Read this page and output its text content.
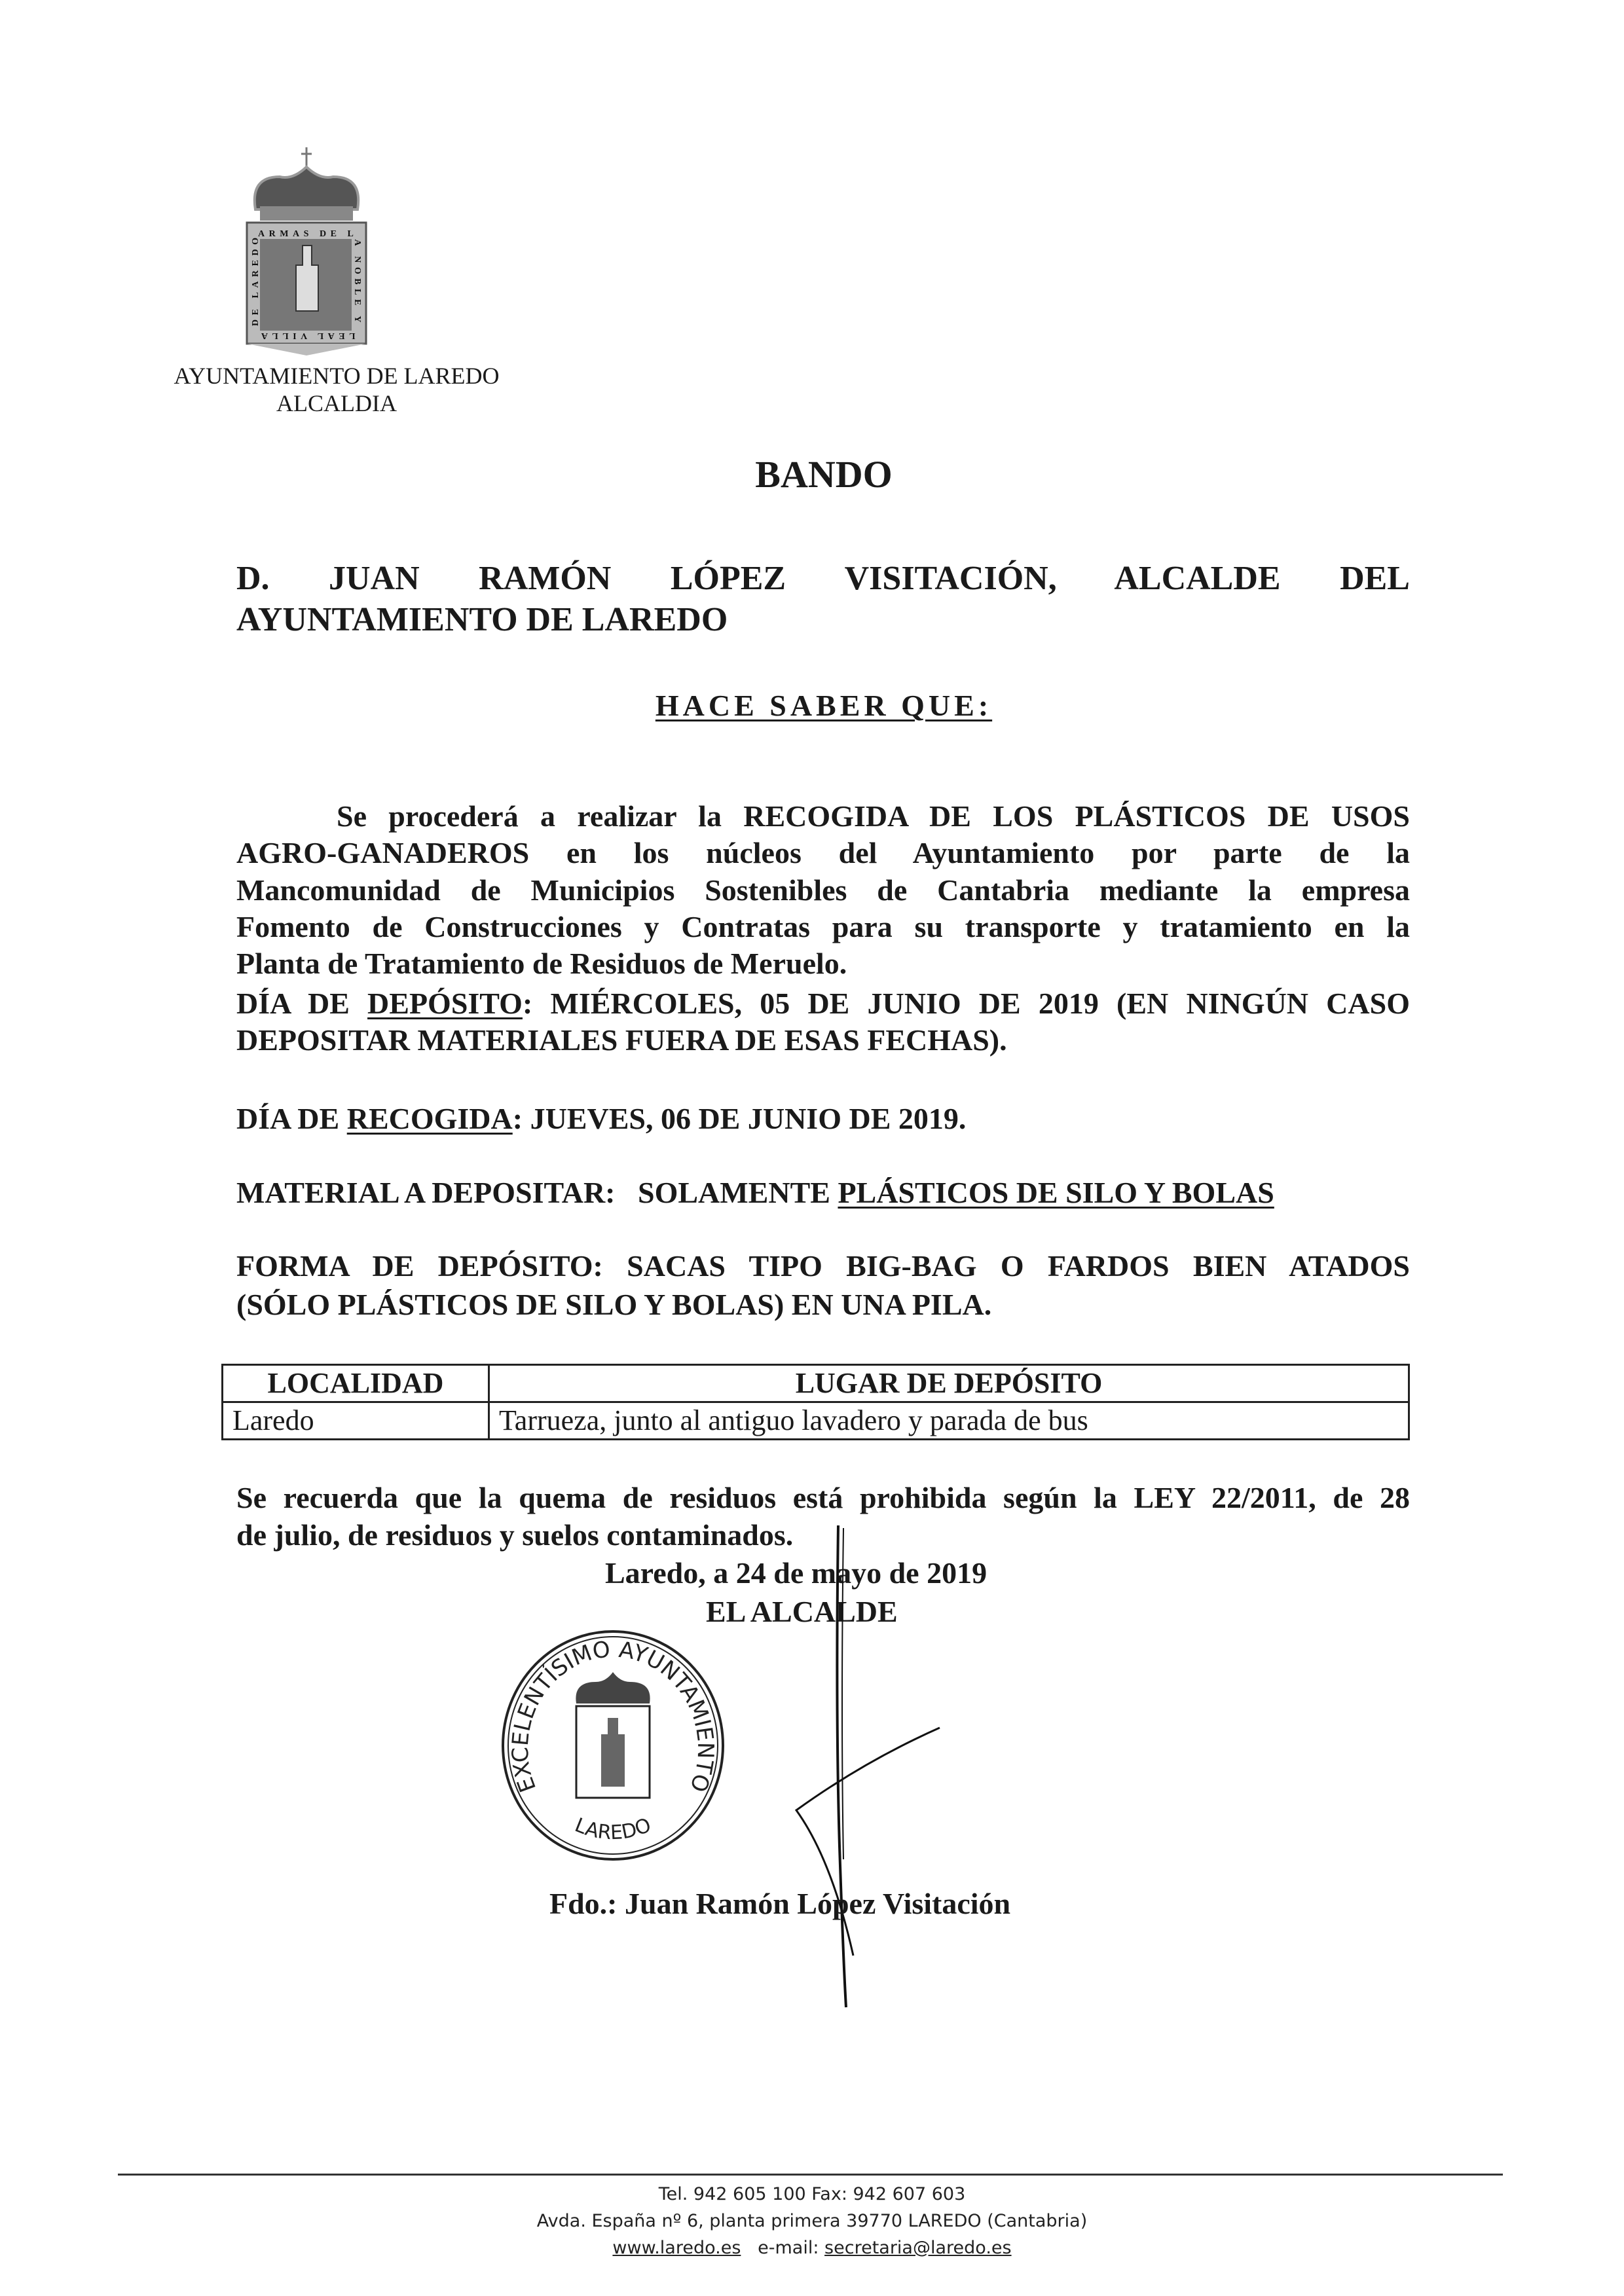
ARMAS DE LA NOBLE Y LEAL VILLA DE LAREDO
AYUNTAMIENTO DE LAREDO
ALCALDIA
BANDO
D. JUAN RAMÓN LÓPEZ VISITACIÓN, ALCALDE DEL
AYUNTAMIENTO DE LAREDO
HACE SABER QUE:
Se procederá a realizar la RECOGIDA DE LOS PLÁSTICOS DE USOS
AGRO-GANADEROS en los núcleos del Ayuntamiento por parte de la
Mancomunidad de Municipios Sostenibles de Cantabria mediante la empresa
Fomento de Construcciones y Contratas para su transporte y tratamiento en la
Planta de Tratamiento de Residuos de Meruelo.
DÍA DE DEPÓSITO: MIÉRCOLES, 05 DE JUNIO DE 2019 (EN NINGÚN CASO
DEPOSITAR MATERIALES FUERA DE ESAS FECHAS).
DÍA DE RECOGIDA: JUEVES, 06 DE JUNIO DE 2019.
MATERIAL A DEPOSITAR:   SOLAMENTE PLÁSTICOS DE SILO Y BOLAS
FORMA DE DEPÓSITO: SACAS TIPO BIG-BAG O FARDOS BIEN ATADOS
(SÓLO PLÁSTICOS DE SILO Y BOLAS) EN UNA PILA.
LOCALIDAD	LUGAR DE DEPÓSITO
Laredo	Tarrueza, junto al antiguo lavadero y parada de bus
Se recuerda que la quema de residuos está prohibida según la LEY 22/2011, de 28
de julio, de residuos y suelos contaminados.
Laredo, a 24 de mayo de 2019
EL ALCALDE
EXCELENTÍSIMO AYUNTAMIENTO
LAREDO
Fdo.: Juan Ramón López Visitación
Tel. 942 605 100 Fax: 942 607 603
Avda. España nº 6, planta primera 39770 LAREDO (Cantabria)
www.laredo.es e-mail: secretaria@laredo.es
